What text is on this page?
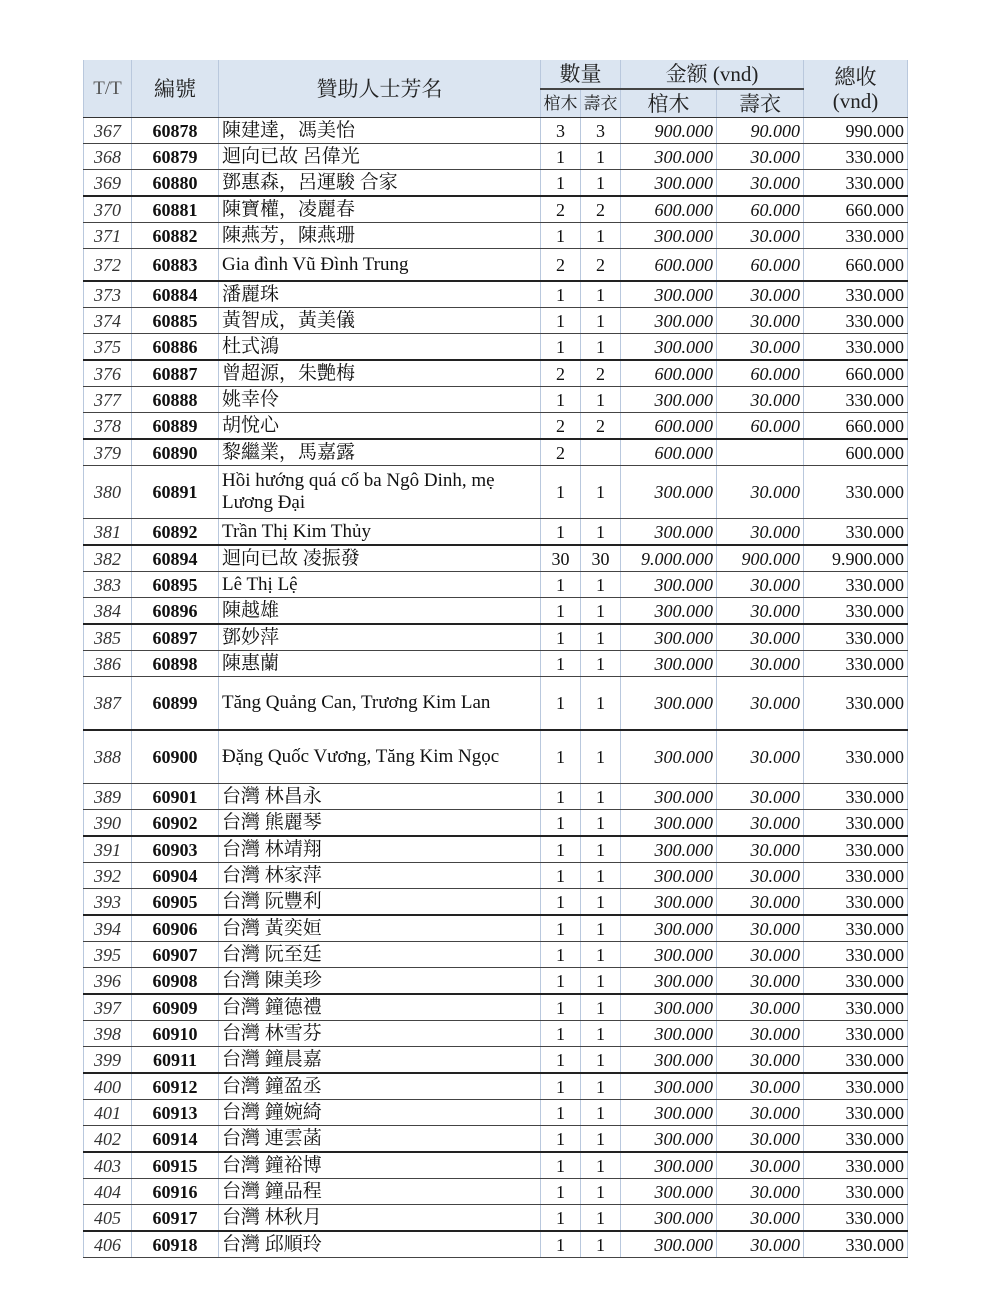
T/T	編號	贊助人士芳名	數量		金额 (vnd)		總收
(vnd)

			棺木	壽衣	棺木	壽衣	
367	60878	陳建達，馮美怡	3	3	900.000	90.000	990.000
368	60879	迴向已故 呂偉光	1	1	300.000	30.000	330.000
369	60880	鄧惠森，呂運駿 合家	1	1	300.000	30.000	330.000
370	60881	陳寶權，凌麗春	2	2	600.000	60.000	660.000
371	60882	陳燕芳，陳燕珊	1	1	300.000	30.000	330.000
372	60883	Gia đình Vũ Đình Trung	2	2	600.000	60.000	660.000
373	60884	潘麗珠	1	1	300.000	30.000	330.000
374	60885	黃智成，黃美儀	1	1	300.000	30.000	330.000
375	60886	杜式鴻	1	1	300.000	30.000	330.000
376	60887	曾超源，朱艷梅	2	2	600.000	60.000	660.000
377	60888	姚幸伶	1	1	300.000	30.000	330.000
378	60889	胡悅心	2	2	600.000	60.000	660.000
379	60890	黎繼業，馬嘉露	2		600.000		600.000
380	60891	Hồi hướng quá cố ba Ngô Dinh, mẹ Lương Đại	1	1	300.000	30.000	330.000
381	60892	Trần Thị Kim Thủy	1	1	300.000	30.000	330.000
382	60894	迴向已故 凌振發	30	30	9.000.000	900.000	9.900.000
383	60895	Lê Thị Lệ	1	1	300.000	30.000	330.000
384	60896	陳越雄	1	1	300.000	30.000	330.000
385	60897	鄧妙萍	1	1	300.000	30.000	330.000
386	60898	陳惠蘭	1	1	300.000	30.000	330.000
387	60899	Tăng Quảng Can, Trương Kim Lan	1	1	300.000	30.000	330.000
388	60900	Đặng Quốc Vương, Tăng Kim Ngọc	1	1	300.000	30.000	330.000
389	60901	台灣 林昌永	1	1	300.000	30.000	330.000
390	60902	台灣 熊麗琴	1	1	300.000	30.000	330.000
391	60903	台灣 林靖翔	1	1	300.000	30.000	330.000
392	60904	台灣 林家萍	1	1	300.000	30.000	330.000
393	60905	台灣 阮豐利	1	1	300.000	30.000	330.000
394	60906	台灣 黃奕姮	1	1	300.000	30.000	330.000
395	60907	台灣 阮至廷	1	1	300.000	30.000	330.000
396	60908	台灣 陳美珍	1	1	300.000	30.000	330.000
397	60909	台灣 鐘德禮	1	1	300.000	30.000	330.000
398	60910	台灣 林雪芬	1	1	300.000	30.000	330.000
399	60911	台灣 鐘晨嘉	1	1	300.000	30.000	330.000
400	60912	台灣 鐘盈丞	1	1	300.000	30.000	330.000
401	60913	台灣 鐘婉綺	1	1	300.000	30.000	330.000
402	60914	台灣 連雲菡	1	1	300.000	30.000	330.000
403	60915	台灣 鐘裕博	1	1	300.000	30.000	330.000
404	60916	台灣 鐘品程	1	1	300.000	30.000	330.000
405	60917	台灣 林秋月	1	1	300.000	30.000	330.000
406	60918	台灣 邱順玲	1	1	300.000	30.000	330.000
